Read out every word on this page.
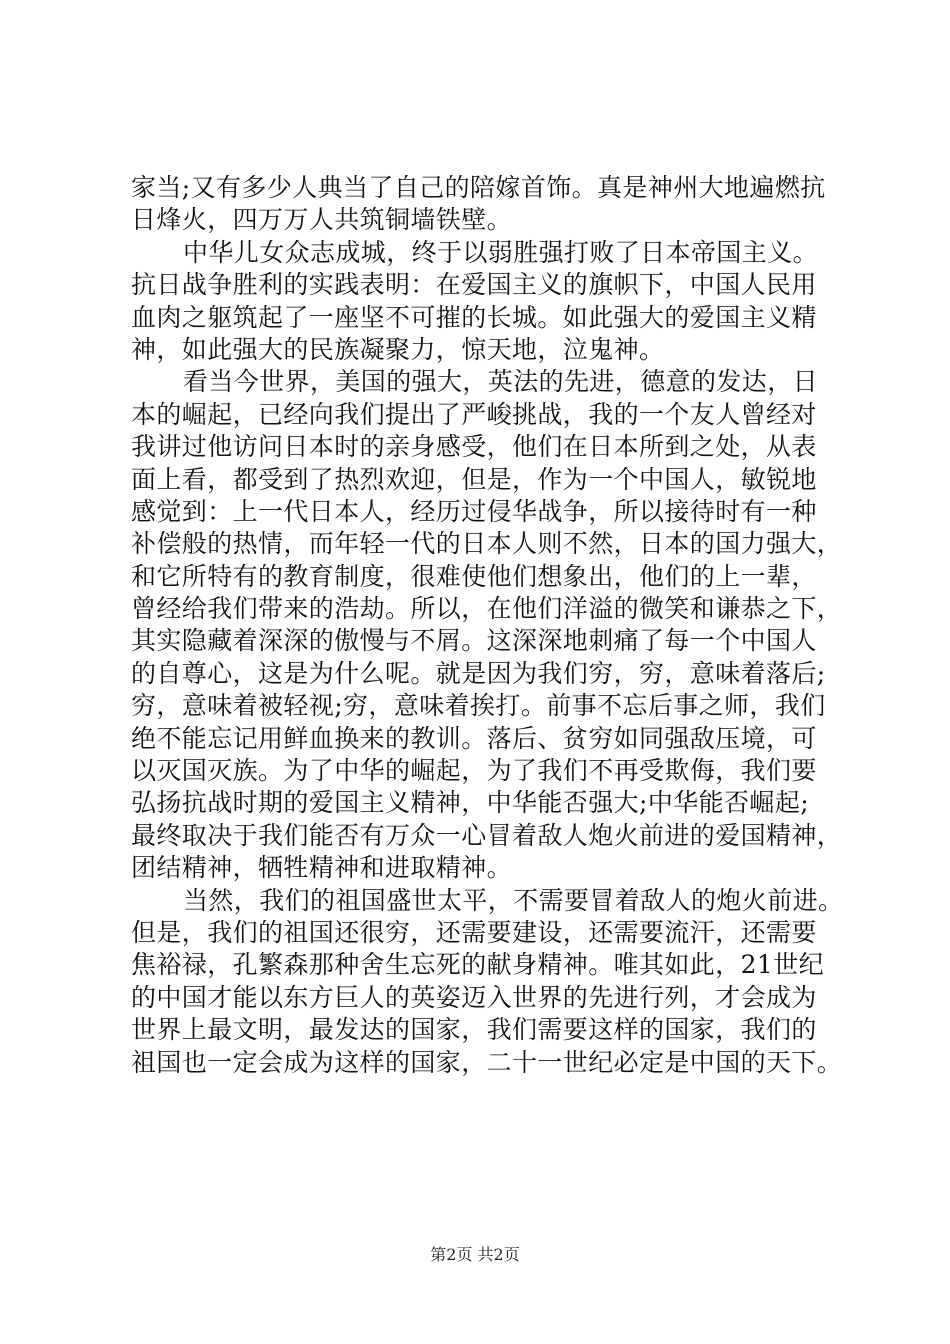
家当;又有多少人典当了自己的陪嫁首饰。真是神州大地遍燃抗
日烽火，四万万人共筑铜墙铁壁。
中华儿女众志成城，终于以弱胜强打败了日本帝国主义。
抗日战争胜利的实践表明：在爱国主义的旗帜下，中国人民用
血肉之躯筑起了一座坚不可摧的长城。如此强大的爱国主义精
神，如此强大的民族凝聚力，惊天地，泣鬼神。
看当今世界，美国的强大，英法的先进，德意的发达，日
本的崛起，已经向我们提出了严峻挑战，我的一个友人曾经对
我讲过他访问日本时的亲身感受，他们在日本所到之处，从表
面上看，都受到了热烈欢迎，但是，作为一个中国人，敏锐地
感觉到：上一代日本人，经历过侵华战争，所以接待时有一种
补偿般的热情，而年轻一代的日本人则不然，日本的国力强大，
和它所特有的教育制度，很难使他们想象出，他们的上一辈，
曾经给我们带来的浩劫。所以，在他们洋溢的微笑和谦恭之下，
其实隐藏着深深的傲慢与不屑。这深深地刺痛了每一个中国人
的自尊心，这是为什么呢。就是因为我们穷，穷，意味着落后;
穷，意味着被轻视;穷，意味着挨打。前事不忘后事之师，我们
绝不能忘记用鲜血换来的教训。落后、贫穷如同强敌压境，可
以灭国灭族。为了中华的崛起，为了我们不再受欺侮，我们要
弘扬抗战时期的爱国主义精神，中华能否强大;中华能否崛起;
最终取决于我们能否有万众一心冒着敌人炮火前进的爱国精神，
团结精神，牺牲精神和进取精神。
当然，我们的祖国盛世太平，不需要冒着敌人的炮火前进。
但是，我们的祖国还很穷，还需要建设，还需要流汗，还需要
焦裕禄，孔繁森那种舍生忘死的献身精神。唯其如此，21世纪
的中国才能以东方巨人的英姿迈入世界的先进行列，才会成为
世界上最文明，最发达的国家，我们需要这样的国家，我们的
祖国也一定会成为这样的国家，二十一世纪必定是中国的天下。
第2页 共2页
